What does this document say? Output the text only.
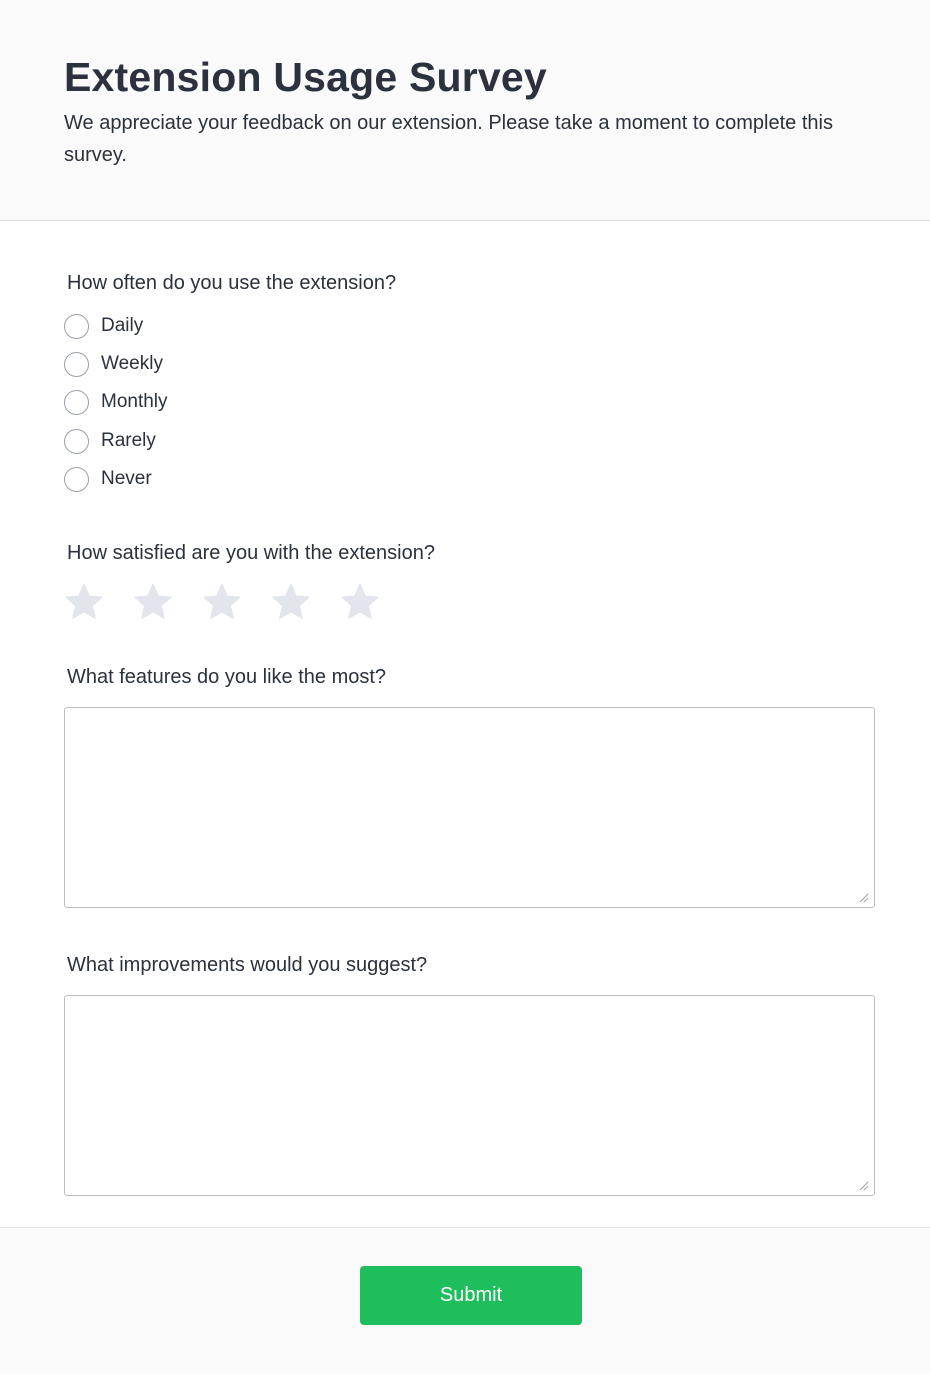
Extension Usage Survey

We appreciate your feedback on our extension. Please take a moment to complete this survey.

How often do you use the extension?
Daily
Weekly
Monthly
Rarely
Never
How satisfied are you with the extension?
What features do you like the most?
What improvements would you suggest?
Submit
